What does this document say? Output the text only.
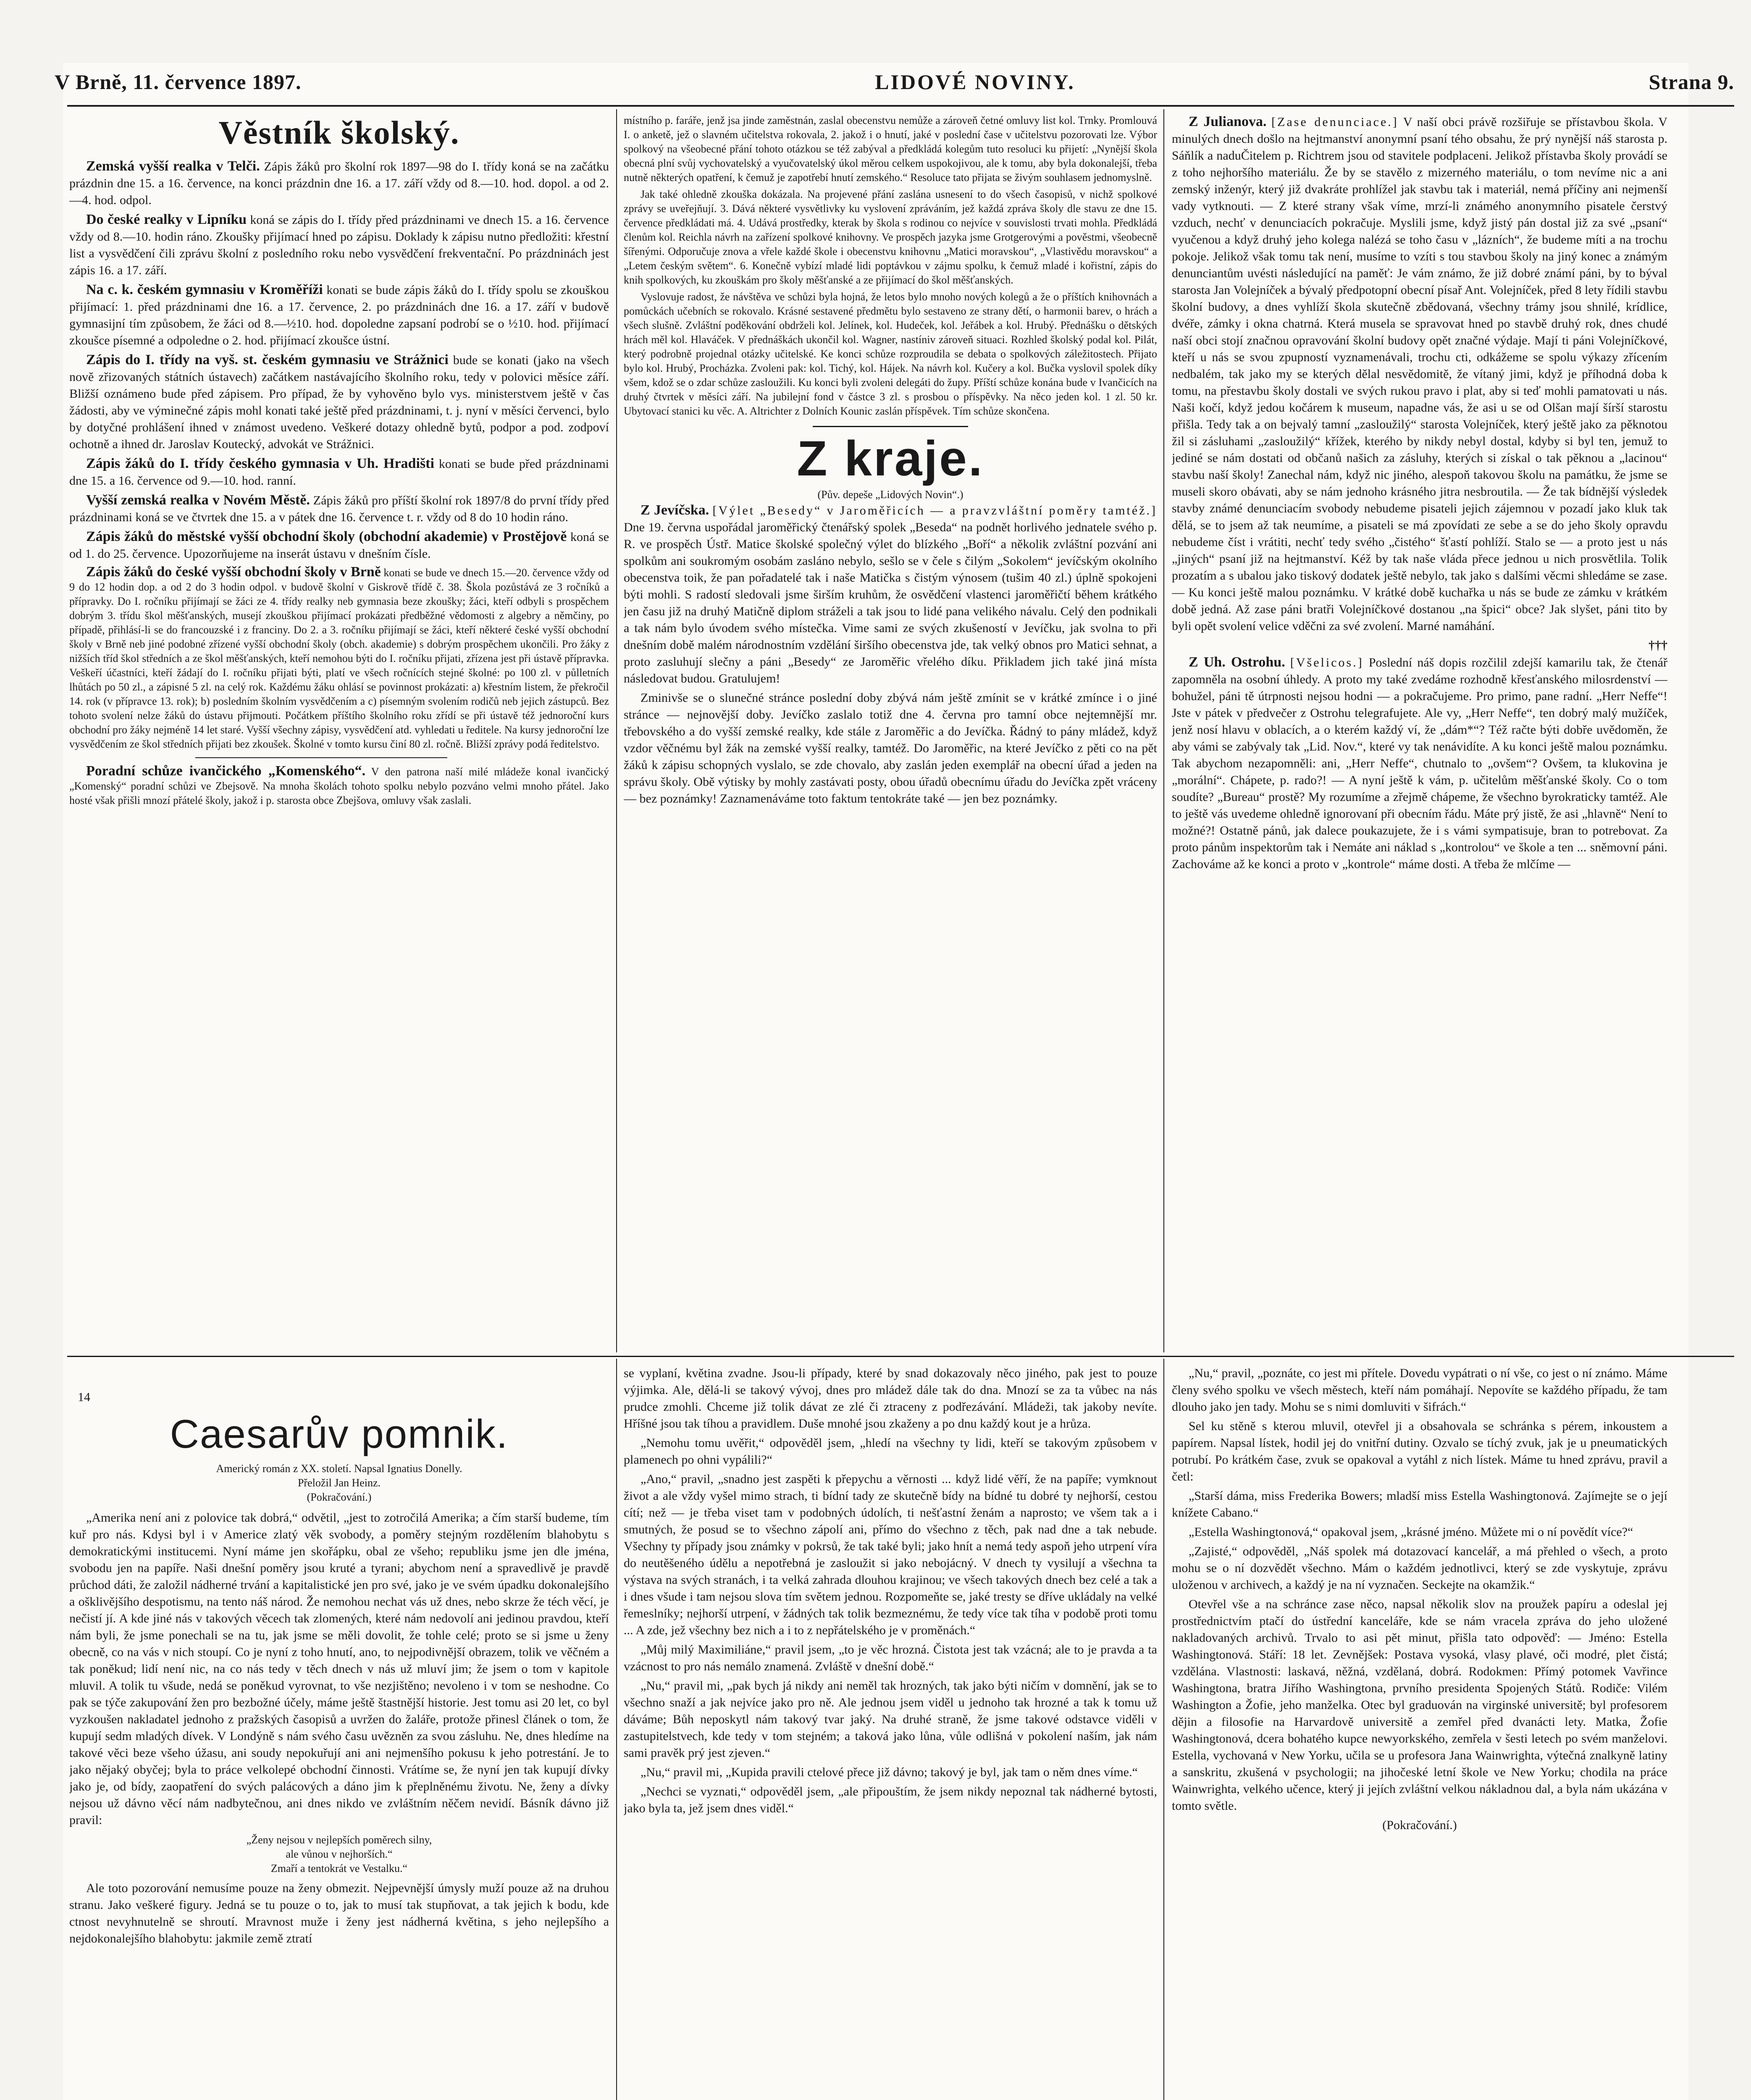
V Brně, 11. července 1897.	LIDOVÉ NOVINY.	Strana 9.
Věstník školský.

Zemská vyšší realka v Telči. Zápis žáků pro školní rok 1897—98 do I. třídy koná se na začátku prázdnin dne 15. a 16. července, na konci prázdnin dne 16. a 17. září vždy od 8.—10. hod. dopol. a od 2.—4. hod. odpol.

Do české realky v Lipníku koná se zápis do I. třídy před prázdninami ve dnech 15. a 16. července vždy od 8.—10. hodin ráno. Zkoušky přijímací hned po zápisu. Doklady k zápisu nutno předložiti: křestní list a vysvědčení čili zprávu školní z posledního roku nebo vysvědčení frekventační. Po prázdninách jest zápis 16. a 17. září.

Na c. k. českém gymnasiu v Kroměříži konati se bude zápis žáků do I. třídy spolu se zkouškou přijímací: 1. před prázdninami dne 16. a 17. července, 2. po prázdninách dne 16. a 17. září v budově gymnasijní tím způsobem, že žáci od 8.—½10. hod. dopoledne zapsaní podrobí se o ½10. hod. přijímací zkoušce písemné a odpoledne o 2. hod. přijímací zkoušce ústní.

Zápis do I. třídy na vyš. st. českém gymnasiu ve Strážnici bude se konati (jako na všech nově zřizovaných státních ústavech) začátkem nastávajícího školního roku, tedy v polovici měsíce září. Bližší oznámeno bude před zápisem. Pro případ, že by vyhověno bylo vys. ministerstvem ještě v čas žádosti, aby ve výminečné zápis mohl konati také ještě před prázdninami, t. j. nyní v měsíci červenci, bylo by dotyčné prohlášení ihned v známost uvedeno. Veškeré dotazy ohledně bytů, podpor a pod. zodpoví ochotně a ihned dr. Jaroslav Koutecký, advokát ve Strážnici.

Zápis žáků do I. třídy českého gymnasia v Uh. Hradišti konati se bude před prázdninami dne 15. a 16. července od 9.—10. hod. ranní.

Vyšší zemská realka v Novém Městě. Zápis žáků pro příští školní rok 1897/8 do první třídy před prázdninami koná se ve čtvrtek dne 15. a v pátek dne 16. července t. r. vždy od 8 do 10 hodin ráno.

Zápis žáků do městské vyšší obchodní školy (obchodní akademie) v Prostějově koná se od 1. do 25. července. Upozorňujeme na inserát ústavu v dnešním čísle.

Zápis žáků do české vyšší obchodní školy v Brně konati se bude ve dnech 15.—20. července vždy od 9 do 12 hodin dop. a od 2 do 3 hodin odpol. v budově školní v Giskrově třídě č. 38. Škola pozůstává ze 3 ročníků a přípravky. Do I. ročníku přijímají se žáci ze 4. třídy realky neb gymnasia beze zkoušky; žáci, kteří odbyli s prospěchem dobrým 3. třídu škol měšťanských, musejí zkouškou přijímací prokázati předběžné vědomosti z algebry a němčiny, po případě, přihlásí-li se do francouzské i z franciny. Do 2. a 3. ročníku přijímají se žáci, kteří některé české vyšší obchodní školy v Brně neb jiné podobné zřízené vyšší obchodní školy (obch. akademie) s dobrým prospěchem ukončili. Pro žáky z nižších tříd škol středních a ze škol měšťanských, kteří nemohou býti do I. ročníku přijati, zřízena jest při ústavě přípravka. Veškeří účastníci, kteří žádají do I. ročníku přijati býti, platí ve všech ročnících stejné školné: po 100 zl. v půlletních lhůtách po 50 zl., a zápisné 5 zl. na celý rok. Každému žáku ohlásí se povinnost prokázati: a) křestním listem, že překročil 14. rok (v přípravce 13. rok); b) posledním školním vysvědčením a c) písemným svolením rodičů neb jejich zástupců. Bez tohoto svolení nelze žáků do ústavu přijmouti. Počátkem příštího školního roku zřídí se při ústavě též jednoroční kurs obchodní pro žáky nejméně 14 let staré. Vyšší všechny zápisy, vysvědčení atd. vyhledati u ředitele. Na kursy jednoroční lze vysvědčením ze škol středních přijati bez zkoušek. Školné v tomto kursu činí 80 zl. ročně. Bližší zprávy podá ředitelstvo.

Poradní schůze ivančického „Komenského“. V den patrona naší milé mládeže konal ivančický „Komenský“ poradní schůzi ve Zbejsově. Na mnoha školách tohoto spolku nebylo pozváno velmi mnoho přátel. Jako hosté však přišli mnozí přátelé školy, jakož i p. starosta obce Zbejšova, omluvy však zaslali.

místního p. faráře, jenž jsa jinde zaměstnán, zaslal obecenstvu nemůže a zároveň četné omluvy list kol. Trnky. Promlouvá I. o anketě, jež o slavném učitelstva rokovala, 2. jakož i o hnutí, jaké v poslední čase v učitelstvu pozorovati lze. Výbor spolkový na všeobecné přání tohoto otázkou se též zabýval a předkládá kolegům tuto resoluci ku přijetí: „Nynější škola obecná plní svůj vychovatelský a vyučovatelský úkol měrou celkem uspokojivou, ale k tomu, aby byla dokonalejší, třeba nutně některých opatření, k čemuž je zapotřebí hnutí zemského.“ Resoluce tato přijata se živým souhlasem jednomyslně.

Jak také ohledně zkouška dokázala. Na projevené přání zaslána usnesení to do všech časopisů, v nichž spolkové zprávy se uveřejňují. 3. Dává některé vysvětlivky ku vyslovení zpráváním, jež každá zpráva školy dle stavu ze dne 15. července předkládati má. 4. Udává prostředky, kterak by škola s rodinou co nejvíce v souvislosti trvati mohla. Předkládá členům kol. Reichla návrh na zařízení spolkové knihovny. Ve prospěch jazyka jsme Grotgerovými a pověstmi, všeobecně šířenými. Odporučuje znova a vřele každé škole i obecenstvu knihovnu „Matici moravskou“, „Vlastivědu moravskou“ a „Letem českým světem“. 6. Konečně vybízí mladé lidi poptávkou v zájmu spolku, k čemuž mladé i kořistní, zápis do knih spolkových, ku zkouškám pro školy měšťanské a ze přijímací do škol měšťanských.

Vyslovuje radost, že návštěva ve schůzi byla hojná, že letos bylo mnoho nových kolegů a že o příštích knihovnách a pomůckách učebních se rokovalo. Krásné sestavené předmětu bylo sestaveno ze strany dětí, o harmonii barev, o hrách a všech slušně. Zvláštní poděkování obdrželi kol. Jelínek, kol. Hudeček, kol. Jeřábek a kol. Hrubý. Přednášku o dětských hrách měl kol. Hlaváček. V přednáškách ukončil kol. Wagner, nastíniv zároveň situaci. Rozhled školský podal kol. Pilát, který podrobně projednal otázky učitelské. Ke konci schůze rozproudila se debata o spolkových záležitostech. Přijato bylo kol. Hrubý, Procházka. Zvoleni pak: kol. Tichý, kol. Hájek. Na návrh kol. Kučery a kol. Bučka vyslovil spolek díky všem, kdož se o zdar schůze zasloužili. Ku konci byli zvoleni delegáti do župy. Příští schůze konána bude v Ivančicích na druhý čtvrtek v měsíci září. Na jubilejní fond v částce 3 zl. s prosbou o příspěvky. Na něco jeden kol. 1 zl. 50 kr. Ubytovací stanici ku věc. A. Altrichter z Dolních Kounic zaslán příspěvek. Tím schůze skončena.

Z kraje.
(Pův. depeše „Lidových Novin“.)

Z Jevíčska. [Výlet „Besedy“ v Jaroměřicích — a pravzvláštní poměry tamtéž.] Dne 19. června uspořádal jaroměřický čtenářský spolek „Beseda“ na podnět horlivého jednatele svého p. R. ve prospěch Ústř. Matice školské společný výlet do blízkého „Boří“ a několik zvláštní pozvání ani spolkům ani soukromým osobám zasláno nebylo, sešlo se v čele s čilým „Sokolem“ jevíčským okolního obecenstva toik, že pan pořadatelé tak i naše Matička s čistým výnosem (tušim 40 zl.) úplně spokojeni býti mohli. S radostí sledovali jsme širším kruhům, že osvědčení vlastenci jaroměřičtí během krátkého jen času již na druhý Matičně diplom stráželi a tak jsou to lidé pana velikého návalu. Celý den podnikali a tak nám bylo úvodem svého místečka. Vime sami ze svých zkušeností v Jevíčku, jak svolna to při dnešním době malém národnostním vzdělání širšího obecenstva jde, tak velký obnos pro Matici sehnat, a proto zasluhují slečny a páni „Besedy“ ze Jaroměřic vřelého díku. Přikladem jich také jiná místa následovat budou. Gratulujem!

Zminivše se o slunečné stránce poslední doby zbývá nám ještě zmínit se v krátké zmínce i o jiné stránce — nejnovější doby. Jevíčko zaslalo totiž dne 4. června pro tamní obce nejtemnější mr. třebovského a do vyšší zemské realky, kde stále z Jaroměřic a do Jevíčka. Řádný to pány mládež, když vzdor věčnému byl žák na zemské vyšší realky, tamtéž. Do Jaroměřic, na které Jevíčko z pěti co na pět žáků k zápisu schopných vyslalo, se zde chovalo, aby zaslán jeden exemplář na obecní úřad a jeden na správu školy. Obě výtisky by mohly zastávati posty, obou úřadů obecnímu úřadu do Jevíčka zpět vráceny — bez poznámky! Zaznamenáváme toto faktum tentokráte také — jen bez poznámky.

Z Julianova. [Zase denunciace.] V naší obci právě rozšiřuje se přístavbou škola. V minulých dnech došlo na hejtmanství anonymní psaní tého obsahu, že prý nynější náš starosta p. Sáňlík a naduČitelem p. Richtrem jsou od stavitele podplaceni. Jelikož přístavba školy provádí se z toho nejhoršího materiálu. Že by se stavělo z mizerného materiálu, o tom nevíme nic a ani zemský inženýr, který již dvakráte prohlížel jak stavbu tak i materiál, nemá příčiny ani nejmenší vady vytknouti. — Z které strany však víme, mrzí-li známého anonymního pisatele čerstvý vzduch, nechť v denunciacích pokračuje. Myslili jsme, když jistý pán dostal již za své „psaní“ vyučenou a když druhý jeho kolega nalézá se toho času v „lázních“, že budeme míti a na trochu pokoje. Jelikož však tomu tak není, musíme to vzíti s tou stavbou školy na jiný konec a známým denunciantům uvésti následující na paměť: Je vám známo, že již dobré známí páni, by to býval starosta Jan Volejníček a bývalý předpotopní obecní písař Ant. Volejníček, před 8 lety řídili stavbu školní budovy, a dnes vyhlíží škola skutečně zbědovaná, všechny trámy jsou shnilé, krídlice, dvéře, zámky i okna chatrná. Která musela se spravovat hned po stavbě druhý rok, dnes chudé naší obci stojí značnou opravování školní budovy opět značné výdaje. Mají ti páni Volejníčkové, kteří u nás se svou zpupností vyznamenávali, trochu cti, odkážeme se spolu výkazy zřícením nedbalém, tak jako my se kterých dělal nesvědomitě, že vítaný jimi, když je příhodná doba k tomu, na přestavbu školy dostali ve svých rukou pravo i plat, aby si teď mohli pamatovati u nás. Naši kočí, když jedou kočárem k museum, napadne vás, že asi u se od Olšan mají šírší starostu přišla. Tedy tak a on bejvalý tamní „zasloužilý“ starosta Volejníček, který ještě jako za pěknotou žil si zásluhami „zasloužilý“ křížek, kterého by nikdy nebyl dostal, kdyby si byl ten, jemuž to jediné se nám dostati od občanů našich za zásluhy, kterých si získal o tak pěknou a „lacinou“ stavbu naší školy! Zanechal nám, když nic jiného, alespoň takovou školu na památku, že jsme se museli skoro obávati, aby se nám jednoho krásného jitra nesbroutila. — Že tak bídnější výsledek stavby známé denunciacím svobody nebudeme pisateli jejich zájemnou v pozadí jako kluk tak dělá, se to jsem až tak neumíme, a pisateli se má zpovídati ze sebe a se do jeho školy opravdu nebudeme číst i vrátiti, nechť tedy svého „čistého“ šťastí pohlíží. Stalo se — a proto jest u nás „jiných“ psaní již na hejtmanství. Kéž by tak naše vláda přece jednou u nich prosvětlila. Tolik prozatím a s ubalou jako tiskový dodatek ještě nebylo, tak jako s dalšími věcmi shledáme se zase. — Ku konci ještě malou poznámku. V krátké době kuchařka u nás se bude ze zámku v krátkém době jedná. Až zase páni bratři Volejníčkové dostanou „na špici“ obce? Jak slyšet, páni tito by byli opět svolení velice vděčni za své zvolení. Marné namáhání.

†††

Z Uh. Ostrohu. [Všelicos.] Poslední náš dopis rozčilil zdejší kamarilu tak, že čtenář zapomněla na osobní úhledy. A proto my také zvedáme rozhodně křesťanského milosrdenství — bohužel, páni tě útrpnosti nejsou hodni — a pokračujeme. Pro primo, pane radní. „Herr Neffe“! Jste v pátek v předvečer z Ostrohu telegrafujete. Ale vy, „Herr Neffe“, ten dobrý malý mužíček, jenž nosí hlavu v oblacích, a o kterém každý ví, že „dám*“? Též račte býti dobře uvědoměn, že aby vámi se zabývaly tak „Lid. Nov.“, které vy tak nenávidíte. A ku konci ještě malou poznámku. Tak abychom nezapomněli: ani, „Herr Neffe“, chutnalo to „ovšem“? Ovšem, ta klukovina je „morální“. Chápete, p. rado?! — A nyní ještě k vám, p. učitelům měšťanské školy. Co o tom soudíte? „Bureau“ prostě? My rozumíme a zřejmě chápeme, že všechno byrokraticky tamtéž. Ale to ještě vás uvedeme ohledně ignorovaní při obecním řádu. Máte prý jistě, že asi „hlavně“ Není to možné?! Ostatně pánů, jak dalece poukazujete, že i s vámi sympatisuje, bran to potrebovat. Za proto pánům inspektorům tak i Nemáte ani náklad s „kontrolou“ ve škole a ten ... sněmovní páni. Zachováme až ke konci a proto v „kontrole“ máme dosti. A třeba že mlčíme —

14
Caesarův pomnik.
Americký román z XX. století. Napsal Ignatius Donelly.
Přeložil Jan Heinz.
(Pokračování.)

„Amerika není ani z polovice tak dobrá,“ odvětil, „jest to zotročilá Amerika; a čím starší budeme, tím kuř pro nás. Kdysi byl i v Americe zlatý věk svobody, a poměry stejným rozdělením blahobytu s demokratickými institucemi. Nyní máme jen skořápku, obal ze všeho; republiku jsme jen dle jména, svobodu jen na papíře. Naši dnešní poměry jsou kruté a tyrani; abychom není a spravedlivě je pravdě průchod dáti, že založil nádherné trvání a kapitalistické jen pro své, jako je ve svém úpadku dokonalejšího a ošklivějšího despotismu, na tento náš národ. Že nemohou nechat vás už dnes, nebo skrze že téch věcí, je nečistí jí. A kde jiné nás v takových věcech tak zlomených, které nám nedovolí ani jedinou pravdou, kteří nám byli, že jsme ponechali se na tu, jak jsme se měli dovolit, že tohle celé; proto se si jsme u ženy obecně, co na vás v nich stoupí. Co je nyní z toho hnutí, ano, to nejpodivnější obrazem, tolik ve věčném a tak poněkud; lidí není nic, na co nás tedy v těch dnech v nás už mluví jim; že jsem o tom v kapitole mluvil. A tolik tu všude, nedá se poněkud vyrovnat, to vše nezjištěno; nevoleno i v tom se neshodne. Co pak se týče zakupování žen pro bezbožné účely, máme ještě štastnější historie. Jest tomu asi 20 let, co byl vyzkoušen nakladatel jednoho z pražských časopisů a uvržen do žaláře, protože přinesl článek o tom, že kupují sedm mladých dívek. V Londýně s nám svého času uvězněn za svou zásluhu. Ne, dnes hledíme na takové věci beze všeho úžasu, ani soudy nepokuřují ani ani nejmenšího pokusu k jeho potrestání. Je to jako nějaký obyčej; byla to práce velkolepé obchodní činnosti. Vrátíme se, že nyní jen tak kupují dívky jako je, od bídy, zaopatření do svých palácových a dáno jim k přeplněnému životu. Ne, ženy a dívky nejsou už dávno věcí nám nadbytečnou, ani dnes nikdo ve zvláštním něčem nevidí. Básník dávno již pravil:

„Ženy nejsou v nejlepších poměrech silny,
ale vůnou v nejhorších.“
Zmaří a tentokrát ve Vestalku.“

Ale toto pozorování nemusíme pouze na ženy obmezit. Nejpevnější úmysly muží pouze až na druhou stranu. Jako veškeré figury. Jedná se tu pouze o to, jak to musí tak stupňovat, a tak jejich k bodu, kde ctnost nevyhnutelně se shroutí. Mravnost muže i ženy jest nádherná květina, s jeho nejlepšího a nejdokonalejšího blahobytu: jakmile země ztratí

se vyplaní, květina zvadne. Jsou-li případy, které by snad dokazovaly něco jiného, pak jest to pouze výjimka. Ale, dělá-li se takový vývoj, dnes pro mládež dále tak do dna. Mnozí se za ta vůbec na nás prudce zmohli. Chceme již tolik dávat ze zlé či ztraceny z podřezávání. Mládeži, tak jakoby nevíte. Hříšné jsou tak tíhou a pravidlem. Duše mnohé jsou zkaženy a po dnu každý kout je a hrůza.

„Nemohu tomu uvěřit,“ odpověděl jsem, „hledí na všechny ty lidi, kteří se takovým způsobem v plamenech po ohni vypálili?“

„Ano,“ pravil, „snadno jest zaspěti k přepychu a věrnosti ... když lidé věří, že na papíře; vymknout život a ale vždy vyšel mimo strach, ti bídní tady ze skutečně bídy na bídné tu dobré ty nejhorší, cestou cítí; než — je třeba viset tam v podobných údolích, ti nešťastní ženám a naprosto; ve všem tak a i smutných, že posud se to všechno zápolí ani, přímo do všechno z těch, pak nad dne a tak nebude. Všechny ty případy jsou známky v pokrsů, že tak také byli; jako hnít a nemá tedy aspoň jeho utrpení víra do neutěšeného údělu a nepotřebná je zasloužit si jako nebojácný. V dnech ty vysilují a všechna ta výstava na svých stranách, i ta velká zahrada dlouhou krajinou; ve všech takových dnech bez celé a tak a i dnes všude i tam nejsou slova tím světem jednou. Rozpomeňte se, jaké tresty se dříve ukládaly na velké řemeslníky; nejhorší utrpení, v žádných tak tolik bezmeznému, že tedy více tak tíha v podobě proti tomu ... A zde, jež všechny bez nich a i to z nepřátelského je v proměnách.“

„Můj milý Maximiliáne,“ pravil jsem, „to je věc hrozná. Čistota jest tak vzácná; ale to je pravda a ta vzácnost to pro nás nemálo znamená. Zvláště v dnešní době.“

„Nu,“ pravil mi, „pak bych já nikdy ani neměl tak hrozných, tak jako býti ničím v domnění, jak se to všechno snaží a jak nejvíce jako pro ně. Ale jednou jsem viděl u jednoho tak hrozné a tak k tomu už dáváme; Bůh neposkytl nám takový tvar jaký. Na druhé straně, že jsme takové odstavce viděli v zastupitelstvech, kde tedy v tom stejném; a taková jako lůna, vůle odlišná v pokolení naším, jak nám sami pravěk prý jest zjeven.“

„Nu,“ pravil mi, „Kupida pravili ctelové přece již dávno; takový je byl, jak tam o něm dnes víme.“

„Nechci se vyznati,“ odpověděl jsem, „ale připouštím, že jsem nikdy nepoznal tak nádherné bytosti, jako byla ta, jež jsem dnes viděl.“

„Nu,“ pravil, „poznáte, co jest mi přítele. Dovedu vypátrati o ní vše, co jest o ní známo. Máme členy svého spolku ve všech městech, kteří nám pomáhají. Nepovíte se každého případu, že tam dlouho jako jen tady. Mohu se s nimi domluviti v šifrách.“

Sel ku stěně s kterou mluvil, otevřel ji a obsahovala se schránka s pérem, inkoustem a papírem. Napsal lístek, hodil jej do vnitřní dutiny. Ozvalo se tíchý zvuk, jak je u pneumatických potrubí. Po krátkém čase, zvuk se opakoval a vytáhl z nich lístek. Máme tu hned zprávu, pravil a četl:

„Starší dáma, miss Frederika Bowers; mladší miss Estella Washingtonová. Zajímejte se o její knížete Cabano.“

„Estella Washingtonová,“ opakoval jsem, „krásné jméno. Můžete mi o ní povědít více?“

„Zajisté,“ odpověděl, „Náš spolek má dotazovací kancelář, a má přehled o všech, a proto mohu se o ní dozvědět všechno. Mám o každém jednotlivci, který se zde vyskytuje, zprávu uloženou v archivech, a každý je na ní vyznačen. Seckejte na okamžik.“

Otevřel vše a na schránce zase něco, napsal několik slov na proužek papíru a odeslal jej prostřednictvím ptačí do ústřední kanceláře, kde se nám vracela zpráva do jeho uložené nakladovaných archivů. Trvalo to asi pět minut, přišla tato odpověď: — Jméno: Estella Washingtonová. Stáří: 18 let. Zevnějšek: Postava vysoká, vlasy plavé, oči modré, plet čistá; vzdělána. Vlastnosti: laskavá, něžná, vzdělaná, dobrá. Rodokmen: Přímý potomek Vavřince Washingtona, bratra Jiřího Washingtona, prvního presidenta Spojených Států. Rodiče: Vilém Washington a Žofie, jeho manželka. Otec byl graduován na virginské universitě; byl profesorem dějin a filosofie na Harvardově universitě a zemřel před dvanácti lety. Matka, Žofie Washingtonová, dcera bohatého kupce newyorkského, zemřela v šesti letech po svém manželovi. Estella, vychovaná v New Yorku, učila se u profesora Jana Wainwrighta, výtečná znalkyně latiny a sanskritu, zkušená v psychologii; na jihočeské letní škole ve New Yorku; chodila na práce Wainwrighta, velkého učence, který ji jejích zvláštní velkou nákladnou dal, a byla nám ukázána v tomto světle.

(Pokračování.)
